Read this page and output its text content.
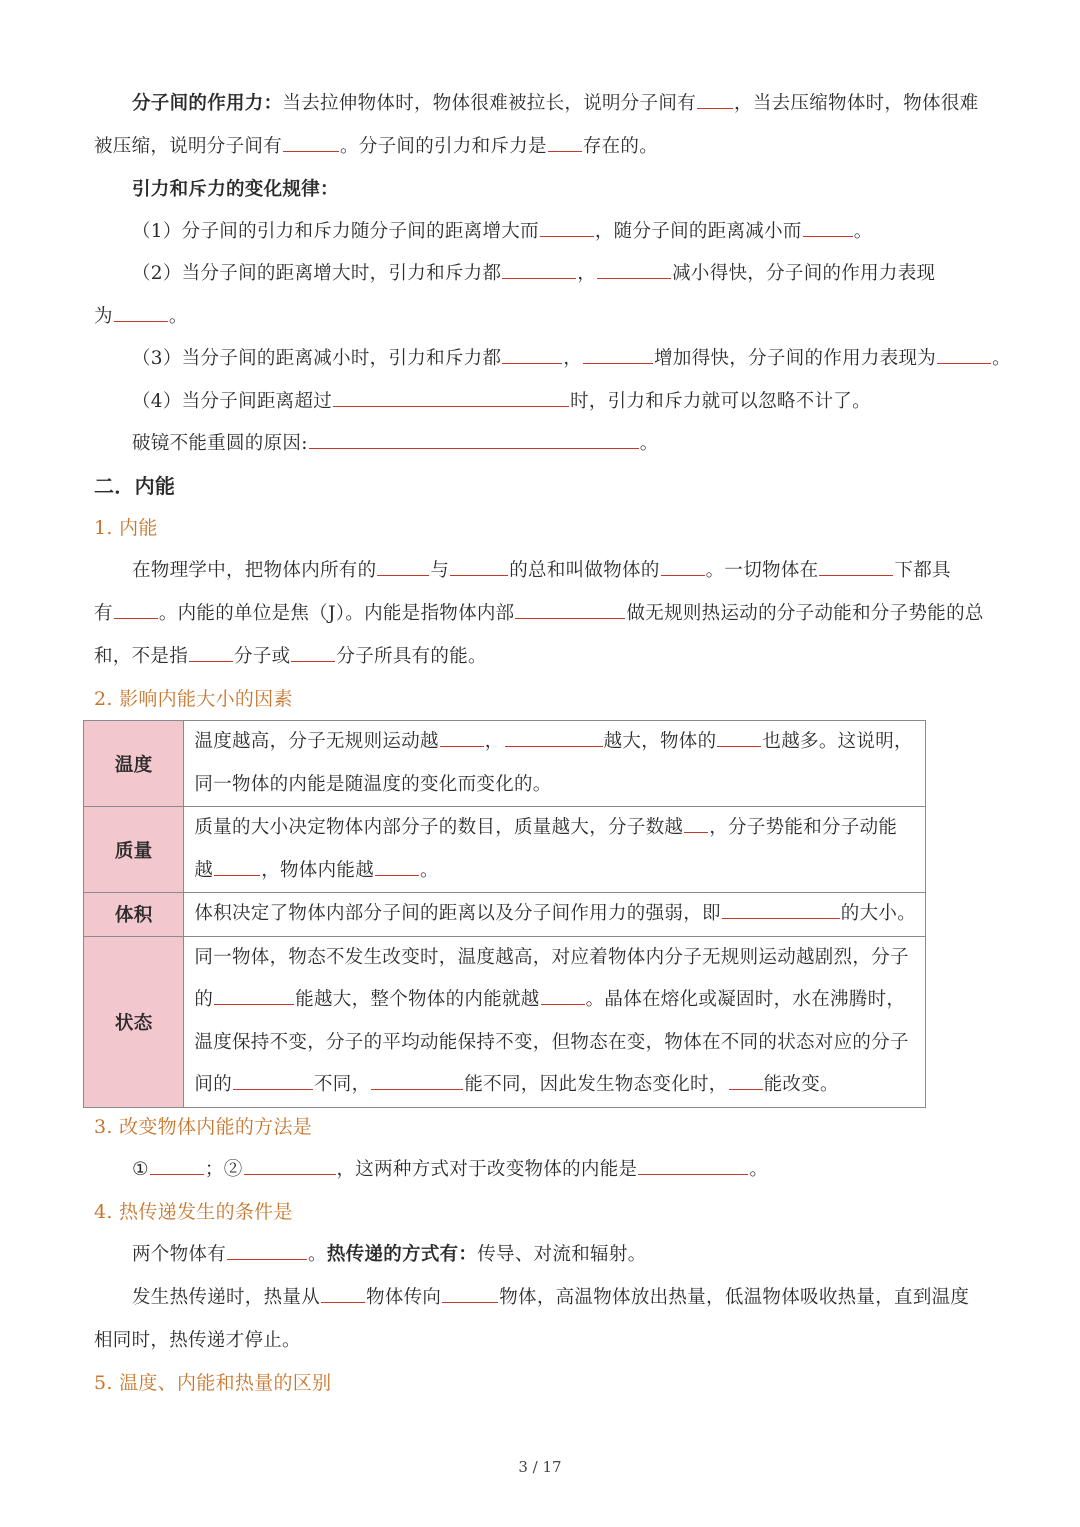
分子间的作用力：当去拉伸物体时，物体很难被拉长，说明分子间有 ，当去压缩物体时，物体很难
被压缩，说明分子间有	。分子间的引力和斥力是 存在的。
引力和斥力的变化规律：
（1）分子间的引力和斥力随分子间的距离增大而	，随分子间的距离减小而	。
（2）当分子间的距离增大时，引力和斥力都	，	减小得快，分子间的作用力表现
为	。
（3）当分子间的距离减小时，引力和斥力都	，	增加得快，分子间的作用力表现为	。
（4）当分子间距离超过	时，引力和斥力就可以忽略不计了。
破镜不能重圆的原因:	。
二．内能
1. 内能
在物理学中，把物体内所有的	与	的总和叫做物体的 。一切物体在	下都具
有 。内能的单位是焦（J）。内能是指物体内部	做无规则热运动的分子动能和分子势能的总
和，不是指 分子或 分子所具有的能。
2. 影响内能大小的因素
温度	温度越高，分子无规则运动越 ， 越大，物体的 也越多。这说明，
同一物体的内能是随温度的变化而变化的。

质量	质量的大小决定物体内部分子的数目，质量越大，分子数越 ，分子势能和分子动能
越 ，物体内能越 。

体积	体积决定了物体内部分子间的距离以及分子间作用力的强弱，即 的大小。

状态	同一物体，物态不发生改变时，温度越高，对应着物体内分子无规则运动越剧烈，分子
的 能越大，整个物体的内能就越 。晶体在熔化或凝固时，水在沸腾时，
温度保持不变，分子的平均动能保持不变，但物态在变，物体在不同的状态对应的分子
间的 不同， 能不同，因此发生物态变化时， 能改变。
3. 改变物体内能的方法是
①	；②	，这两种方式对于改变物体的内能是	。
4. 热传递发生的条件是
两个物体有	。热传递的方式有：传导、对流和辐射。
发生热传递时，热量从 物体传向	物体，高温物体放出热量，低温物体吸收热量，直到温度
相同时，热传递才停止。
5. 温度、内能和热量的区别
3 / 17
